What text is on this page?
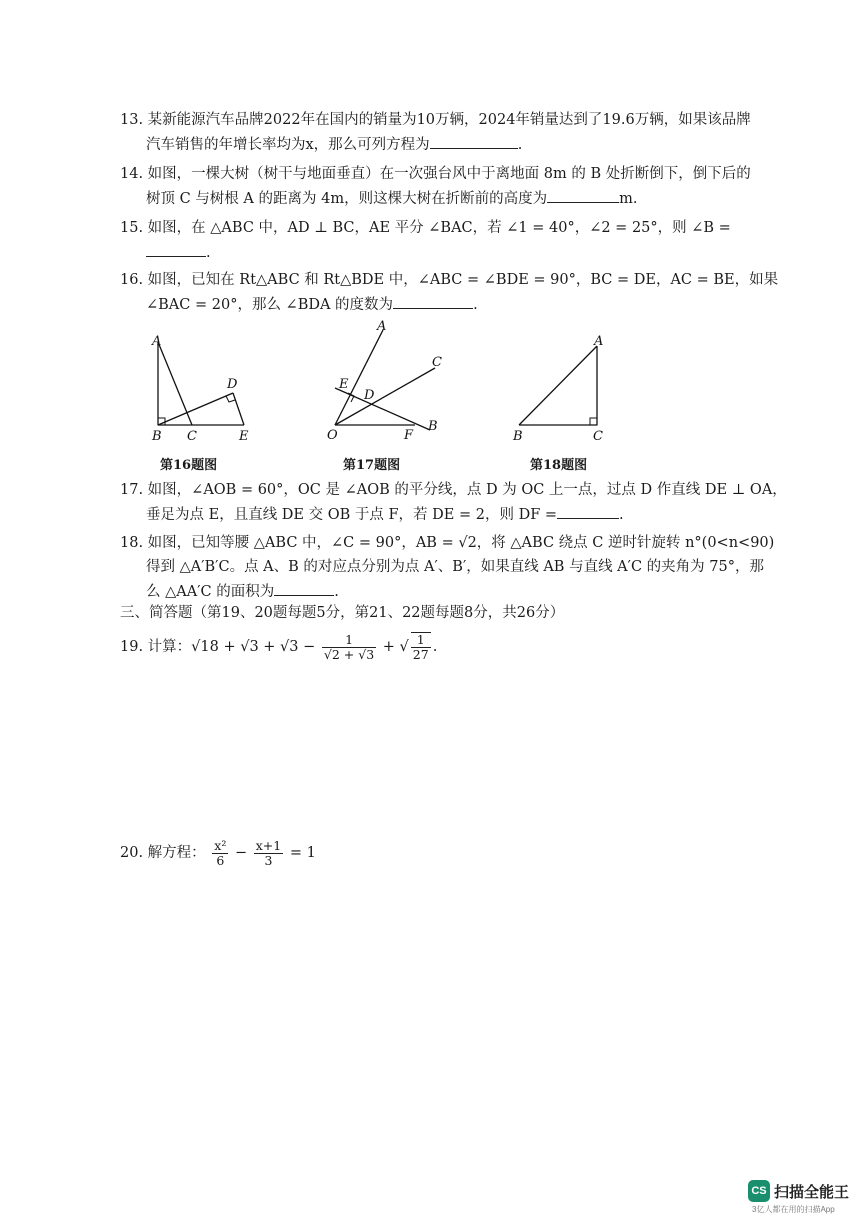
13. 某新能源汽车品牌2022年在国内的销量为10万辆，2024年销量达到了19.6万辆，如果该品牌
汽车销售的年增长率均为x，那么可列方程为	.
14. 如图，一棵大树（树干与地面垂直）在一次强台风中于离地面 8m 的 B 处折断倒下，倒下后的
树顶 C 与树根 A 的距离为 4m，则这棵大树在折断前的高度为	m.
15. 如图，在 △ABC 中，AD ⊥ BC，AE 平分 ∠BAC，若 ∠1 = 40°，∠2 = 25°，则 ∠B =
.
16. 如图，已知在 Rt△ABC 和 Rt△BDE 中，∠ABC = ∠BDE = 90°，BC = DE，AC = BE，如果
∠BAC = 20°，那么 ∠BDA 的度数为	.
A
B C
D
E
第16题图
A
C
E
D
O	F
B
第17题图
A
B	C
第18题图
17. 如图，∠AOB = 60°，OC 是 ∠AOB 的平分线，点 D 为 OC 上一点，过点 D 作直线 DE ⊥ OA，
垂足为点 E，且直线 DE 交 OB 于点 F，若 DE = 2，则 DF =	.
18. 如图，已知等腰 △ABC 中，∠C = 90°，AB = √2，将 △ABC 绕点 C 逆时针旋转 n°(0<n<90)
得到 △A′B′C。点 A、B 的对应点分别为点 A′、B′，如果直线 AB 与直线 A′C 的夹角为 75°，那
么 △AA′C 的面积为	.
三、简答题（第19、20题每题5分，第21、22题每题8分，共26分）
19. 计算：$√18 + √3 + √3 - \frac{1}{√2 + √3}$ + √ $\frac{1}{27}$ .
20. 解方程： $\frac{\text{x²}}{6} - \frac{x+1}{3} = 1$
CS 扫描全能王
3亿人都在用的扫描App
